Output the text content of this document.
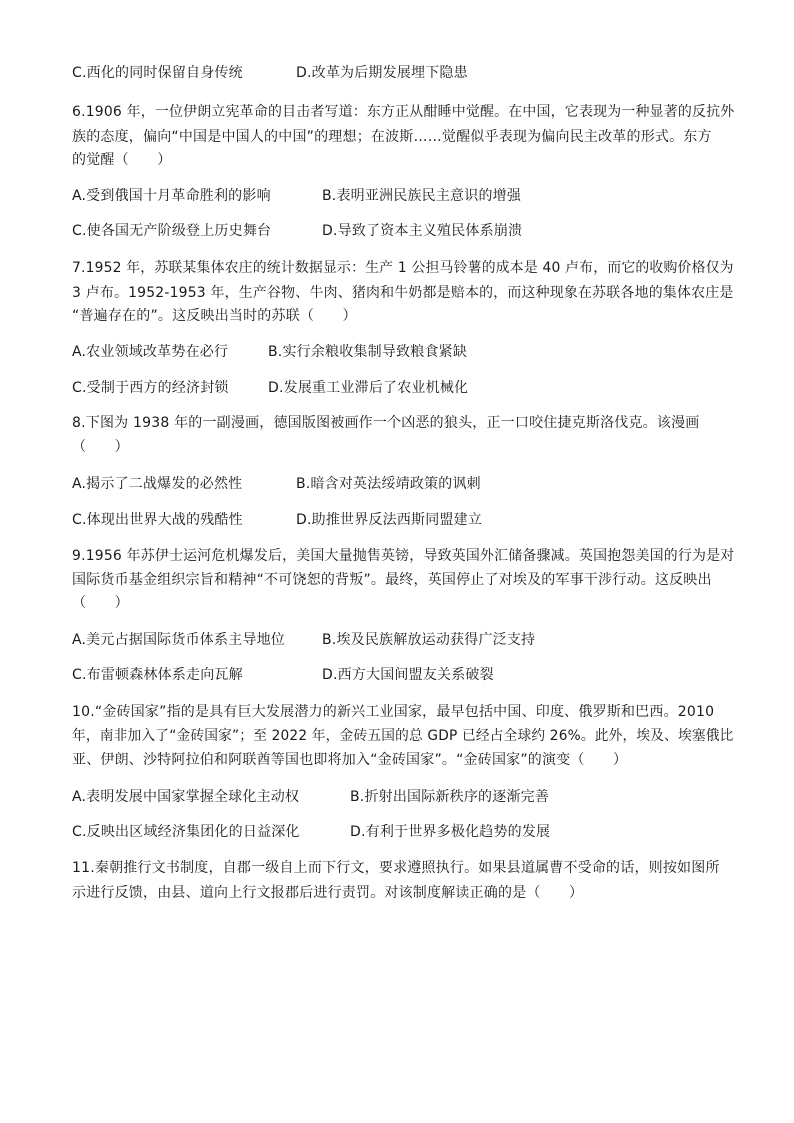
C.西化的同时保留自身传统	D.改革为后期发展埋下隐患
6.1906 年，一位伊朗立宪革命的目击者写道：东方正从酣睡中觉醒。在中国，它表现为一种显著的反抗外
族的态度，偏向“中国是中国人的中国”的理想；在波斯……觉醒似乎表现为偏向民主改革的形式。东方
的觉醒（　　）
A.受到俄国十月革命胜利的影响	B.表明亚洲民族民主意识的增强
C.使各国无产阶级登上历史舞台	D.导致了资本主义殖民体系崩溃
7.1952 年，苏联某集体农庄的统计数据显示：生产 1 公担马铃薯的成本是 40 卢布，而它的收购价格仅为
3 卢布。1952-1953 年，生产谷物、牛肉、猪肉和牛奶都是赔本的，而这种现象在苏联各地的集体农庄是
“普遍存在的”。这反映出当时的苏联（　　）
A.农业领域改革势在必行	B.实行余粮收集制导致粮食紧缺
C.受制于西方的经济封锁	D.发展重工业滞后了农业机械化
8.下图为 1938 年的一副漫画，德国版图被画作一个凶恶的狼头，正一口咬住捷克斯洛伐克。该漫画
（　　）
A.揭示了二战爆发的必然性	B.暗含对英法绥靖政策的讽刺
C.体现出世界大战的残酷性	D.助推世界反法西斯同盟建立
9.1956 年苏伊士运河危机爆发后，美国大量抛售英镑，导致英国外汇储备骤减。英国抱怨美国的行为是对
国际货币基金组织宗旨和精神“不可饶恕的背叛”。最终，英国停止了对埃及的军事干涉行动。这反映出
（　　）
A.美元占据国际货币体系主导地位	B.埃及民族解放运动获得广泛支持
C.布雷顿森林体系走向瓦解	D.西方大国间盟友关系破裂
10.“金砖国家”指的是具有巨大发展潜力的新兴工业国家，最早包括中国、印度、俄罗斯和巴西。2010
年，南非加入了“金砖国家”；至 2022 年，金砖五国的总 GDP 已经占全球约 26%。此外，埃及、埃塞俄比
亚、伊朗、沙特阿拉伯和阿联酋等国也即将加入“金砖国家”。“金砖国家”的演变（　　）
A.表明发展中国家掌握全球化主动权	B.折射出国际新秩序的逐渐完善
C.反映出区域经济集团化的日益深化	D.有利于世界多极化趋势的发展
11.秦朝推行文书制度，自郡一级自上而下行文，要求遵照执行。如果县道属曹不受命的话，则按如图所
示进行反馈，由县、道向上行文报郡后进行责罚。对该制度解读正确的是（　　）
